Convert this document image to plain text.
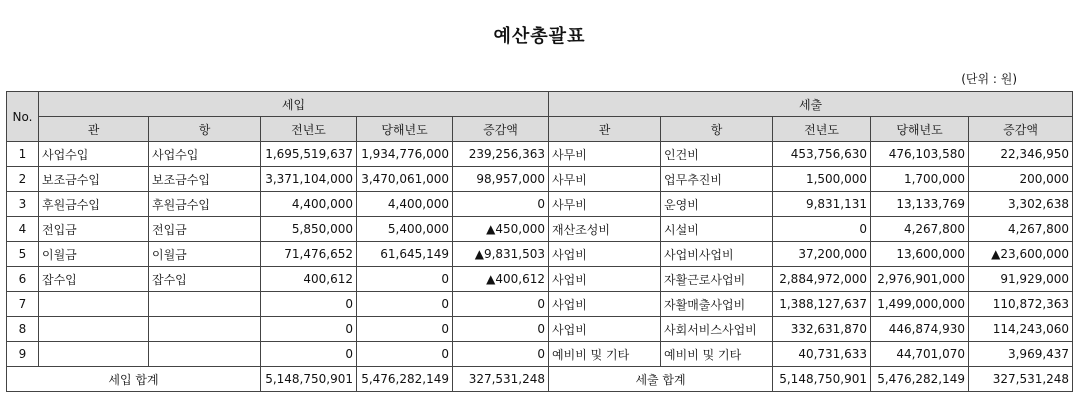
예산총괄표
(단위 : 원)
No.	세입					세출				
	관	항	전년도	당해년도	증감액	관	항	전년도	당해년도	증감액
1	사업수입	사업수입	1,695,519,637	1,934,776,000	239,256,363	사무비	인건비	453,756,630	476,103,580	22,346,950
2	보조금수입	보조금수입	3,371,104,000	3,470,061,000	98,957,000	사무비	업무추진비	1,500,000	1,700,000	200,000
3	후원금수입	후원금수입	4,400,000	4,400,000	0	사무비	운영비	9,831,131	13,133,769	3,302,638
4	전입금	전입금	5,850,000	5,400,000	▲450,000	재산조성비	시설비	0	4,267,800	4,267,800
5	이월금	이월금	71,476,652	61,645,149	▲9,831,503	사업비	사업비사업비	37,200,000	13,600,000	▲23,600,000
6	잡수입	잡수입	400,612	0	▲400,612	사업비	자활근로사업비	2,884,972,000	2,976,901,000	91,929,000
7			0	0	0	사업비	자활매출사업비	1,388,127,637	1,499,000,000	110,872,363
8			0	0	0	사업비	사회서비스사업비	332,631,870	446,874,930	114,243,060
9			0	0	0	예비비 및 기타	예비비 및 기타	40,731,633	44,701,070	3,969,437
세입 합계			5,148,750,901	5,476,282,149	327,531,248	세출 합계		5,148,750,901	5,476,282,149	327,531,248
